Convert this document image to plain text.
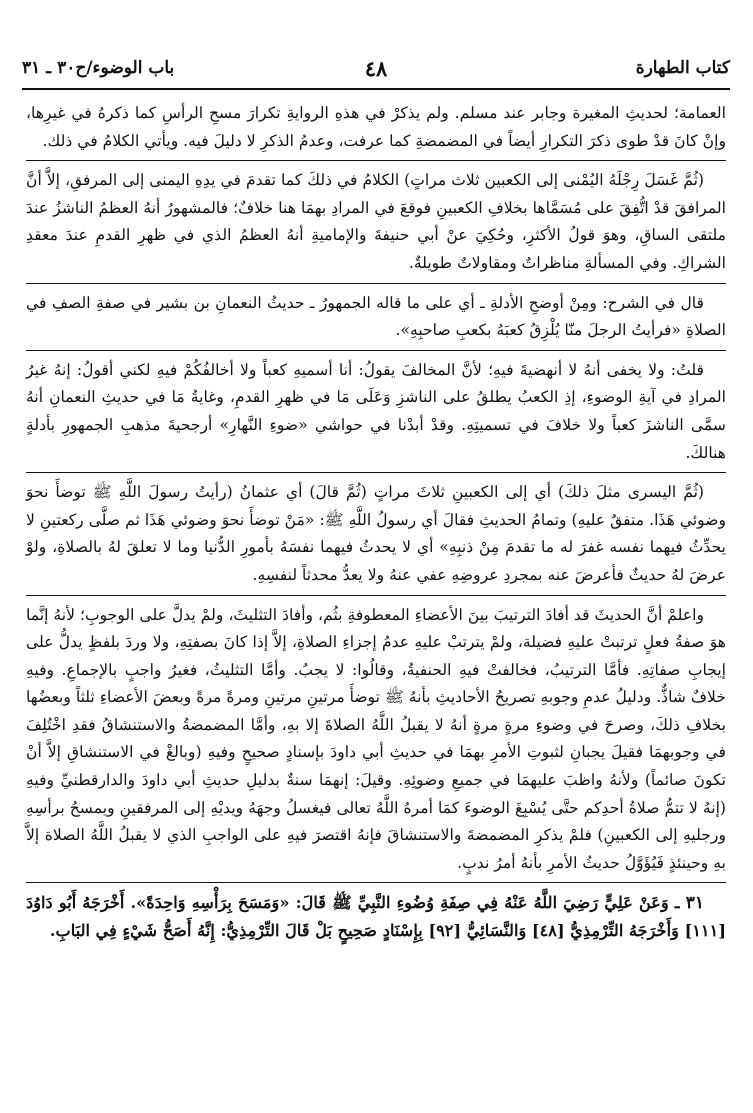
كتاب الطهارة
٤٨
باب الوضوء/ح٣٠ ـ ٣١

العمامة؛ لحديثِ المغيرة وجابر عند مسلم. ولم يذكرْ في هذهِ الروايةِ تكرارَ مسحِ الرأسِ كما ذكرهُ في غيرِها، وإنْ كانَ قدْ طوى ذكرَ التكرارِ أيضاً في المضمضةِ كما عرفت، وعدمُ الذكرِ لا دليلَ فيه. ويأتي الكلامُ في ذلك.

(ثُمَّ غَسَلَ رِجْلَهُ اليُمْنى إلى الكعبين ثلاث مراتٍ) الكلامُ في ذلكَ كما تقدمَ في يدِهِ اليمنى إلى المرفقِ، إلاَّ أنَّ المرافقَ قدْ اتُّفِقَ على مُسَمَّاها بخلافِ الكعبينِ فوقعَ في المرادِ بهمَا هنا خلافٌ؛ فالمشهورُ أنهُ العظمُ الناشزُ عندَ ملتقى الساقِ، وهوَ قولُ الأكثرِ، وحُكِيَ عنْ أبي حنيفةَ والإماميةِ أنهُ العظمُ الذي في ظهرِ القدمِ عندَ معقدِ الشراكِ. وفي المسألةِ مناظراتٌ ومقاولاتٌ طويلةٌ.

قال في الشرح: ومِنْ أوضحِ الأدلةِ ـ أي على ما قاله الجمهورُ ـ حديثُ النعمانِ بن بشير في صفةِ الصفِ في الصلاةِ «فرأيتُ الرجلَ منّا يُلْزِقُ كعبَهُ بكعبِ صاحبِهِ».

قلتُ: ولا يخفى أنهُ لا أنهضيةَ فيهِ؛ لأنَّ المخالفَ يقولُ: أنا أسميهِ كعباً ولا أخالفُكُمْ فيهِ لكني أقولُ: إنهُ غيرُ المرادِ في آيةِ الوضوءِ، إذِ الكعبُ يطلقُ على الناشزِ وَعَلَى مَا في ظهرِ القدمِ، وغايةُ مَا في حديثِ النعمانِ أنهُ سمَّى الناشزَ كعباً ولا خلافَ في تسميتِهِ. وقدْ أبدْنا في حواشي «ضوءِ النَّهارِ» أرجحيةَ مذهبِ الجمهورِ بأدلةٍ هنالكَ.

(ثُمَّ اليسرى مثلَ ذلكَ) أي إلى الكعبينِ ثلاثَ مراتٍ (ثُمَّ قالَ) أي عثمانُ (رأيتُ رسولَ اللَّهِ ﷺ توضأَ نحوَ وضوئي هَذَا. متفقٌ عليهِ) وتمامُ الحديثِ فقالَ أي رسولُ اللَّهِ ﷺ: «مَنْ توضأَ نحوَ وضوئي هَذَا ثم صلَّى ركعتينِ لا يحدِّثُ فيهما نفسه غفرَ له ما تقدمَ مِنْ ذنبِهِ» أي لا يحدثُ فيهما نفسَهُ بأمورِ الدُّنيا وما لا تعلقَ لهُ بالصلاةِ، ولوْ عرضَ لهُ حديثٌ فأعرضَ عنه بمجردِ عروضِهِ عفي عنهُ ولا يعدُّ محدثاً لنفسِهِ.

واعلمْ أنَّ الحديثَ قد أفادَ الترتيبَ بينَ الأعضاءِ المعطوفةِ بثُم، وأفادَ التثليثَ، ولمْ يدلَّ على الوجوبِ؛ لأنهُ إنَّما هوَ صفةُ فعلٍ ترتبتْ عليهِ فضيلة، ولمْ يترتبْ عليهِ عدمُ إجزاءِ الصلاةِ، إلاَّ إذا كانَ بصفتِهِ، ولا وردَ بلفظٍ يدلُّ على إيجابِ صفاتِهِ. فأمَّا الترتيبُ، فخالفتْ فيهِ الحنفيةُ، وقالُوا: لا يجبُ. وأمَّا التثليثُ، فغيرُ واجبٍ بالإجماعِ. وفيهِ خلافٌ شاذٌّ. ودليلُ عدمِ وجوبهِ تصريحُ الأحاديثِ بأنهُ ﷺ توضأَ مرتينِ مرتينِ ومرةً مرةً وبعضَ الأعضاءِ ثلثاً وبعضُها بخلافِ ذلكَ، وصرحَ في وضوءِ مرةٍ مرةٍ أنهُ لا يقبلُ اللَّهُ الصلاةَ إلا بهِ، وأمَّا المضمضةُ والاستنشاقُ فقدِ اخْتُلِفَ في وجوبهمَا فقيلَ يجبانِ لثبوتِ الأمرِ بهمَا في حديثِ أبي داودَ بإسنادٍ صحيحٍ وفيهِ (وبالغْ في الاستنشاقِ إلاَّ أنْ تكونَ صائماً) ولأنهُ واظبَ عليهمَا في جميعِ وضوئِهِ. وقيلَ: إنهمَا سنةٌ بدليلِ حديثِ أبي داودَ والدارقطنيِّ وفيهِ (إنهُ لا تتمُّ صلاةُ أحدِكم حتَّى يُسْبِغَ الوضوءَ كمَا أمرهُ اللَّهُ تعالى فيغسلُ وجهَهُ ويديْهِ إلى المرفقينِ ويمسحُ برأسِهِ ورجليهِ إلى الكعبينِ) فلمْ يذكرِ المضمضةَ والاستنشاقَ فإنهُ اقتصرَ فيهِ على الواجبِ الذي لا يقبلُ اللَّهُ الصلاة إلاَّ بهِ وحينئذٍ فَيُؤَوَّلُ حديثُ الأمرِ بأنهُ أمرُ ندبٍ.

٣١ ـ وَعَنْ عَلِيٍّ رَضِيَ اللَّهُ عَنْهُ فِي صِفَةِ وُضُوءِ النَّبِيِّ ﷺ قَالَ: «وَمَسَحَ بِرَأْسِهِ وَاحِدَةً». أَخْرَجَهُ أَبُو دَاوُدَ [١١١] وَأَخْرَجَهُ التِّرْمِذِيُّ [٤٨] وَالنَّسَائِيُّ [٩٢] بِإِسْنَادٍ صَحِيحٍ بَلْ قَالَ التِّرْمِذِيُّ: إِنَّهُ أَصَحُّ شَيْءٍ فِي البَابِ.
